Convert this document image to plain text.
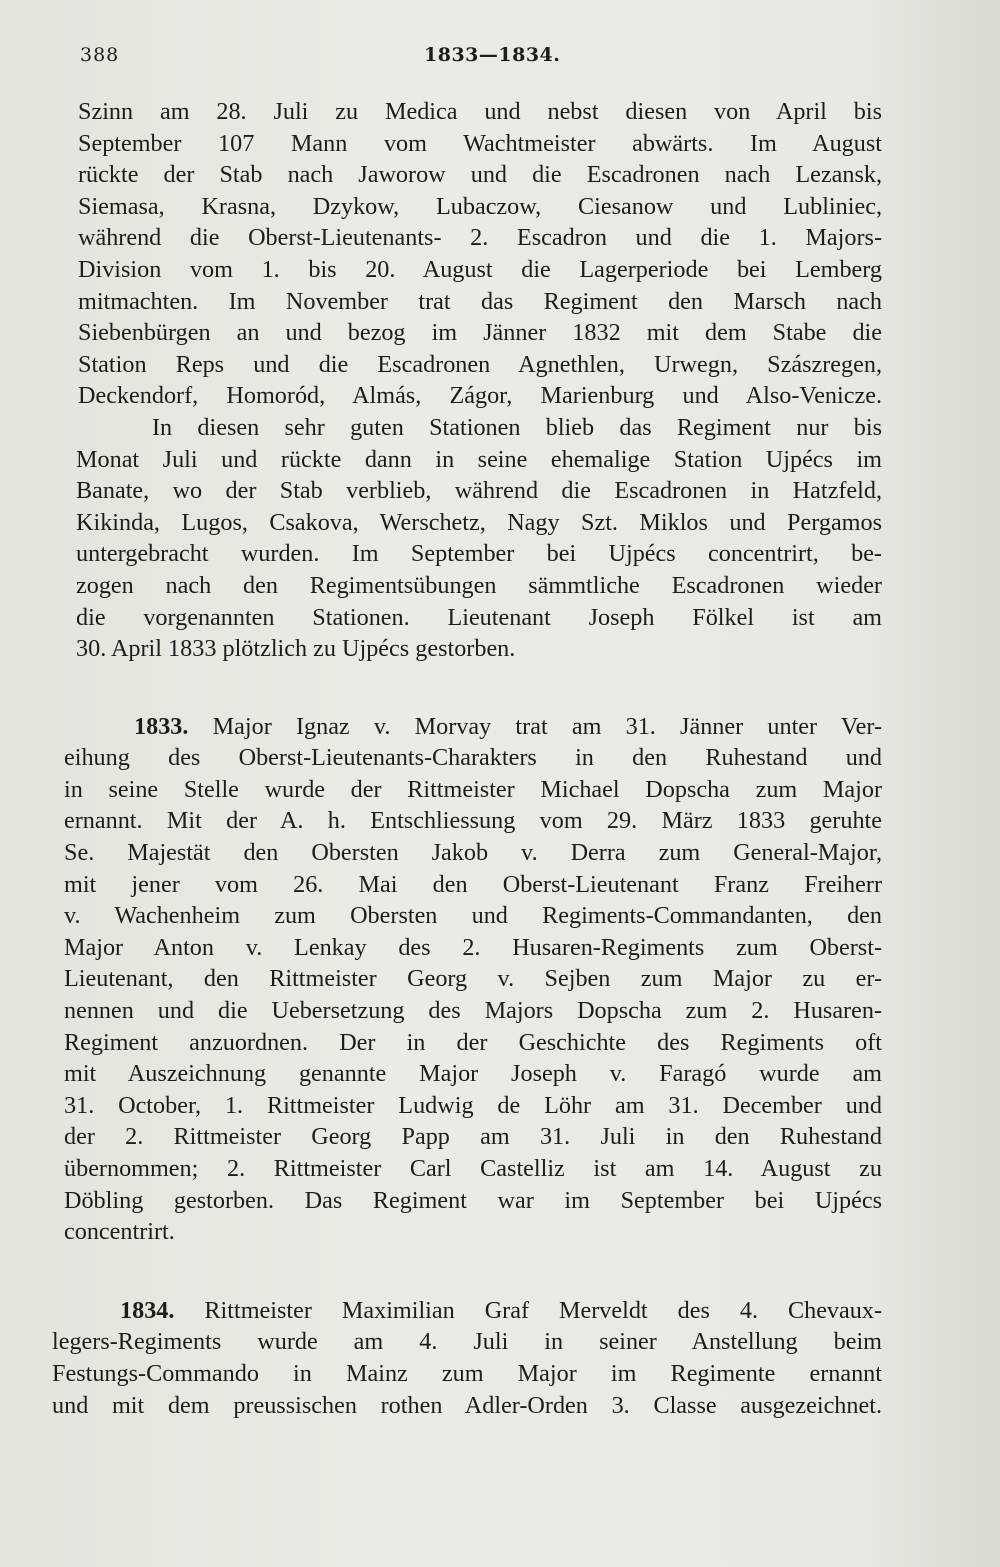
388	1833—1834.

Szinn am 28. Juli zu Medica und nebst diesen von April bis
September 107 Mann vom Wachtmeister abwärts. Im August
rückte der Stab nach Jaworow und die Escadronen nach Lezansk,
Siemasa, Krasna, Dzykow, Lubaczow, Ciesanow und Lubliniec,
während die Oberst-Lieutenants- 2. Escadron und die 1. Majors-
Division vom 1. bis 20. August die Lagerperiode bei Lemberg
mitmachten. Im November trat das Regiment den Marsch nach
Siebenbürgen an und bezog im Jänner 1832 mit dem Stabe die
Station Reps und die Escadronen Agnethlen, Urwegn, Szászregen,
Deckendorf, Homoród, Almás, Zágor, Marienburg und Also-Venicze.

In diesen sehr guten Stationen blieb das Regiment nur bis
Monat Juli und rückte dann in seine ehemalige Station Ujpécs im
Banate, wo der Stab verblieb, während die Escadronen in Hatzfeld,
Kikinda, Lugos, Csakova, Werschetz, Nagy Szt. Miklos und Pergamos
untergebracht wurden. Im September bei Ujpécs concentrirt, be-
zogen nach den Regimentsübungen sämmtliche Escadronen wieder
die vorgenannten Stationen. Lieutenant Joseph Fölkel ist am
30. April 1833 plötzlich zu Ujpécs gestorben.

1833. Major Ignaz v. Morvay trat am 31. Jänner unter Ver-
eihung des Oberst-Lieutenants-Charakters in den Ruhestand und
in seine Stelle wurde der Rittmeister Michael Dopscha zum Major
ernannt. Mit der A. h. Entschliessung vom 29. März 1833 geruhte
Se. Majestät den Obersten Jakob v. Derra zum General-Major,
mit jener vom 26. Mai den Oberst-Lieutenant Franz Freiherr
v. Wachenheim zum Obersten und Regiments-Commandanten, den
Major Anton v. Lenkay des 2. Husaren-Regiments zum Oberst-
Lieutenant, den Rittmeister Georg v. Sejben zum Major zu er-
nennen und die Uebersetzung des Majors Dopscha zum 2. Husaren-
Regiment anzuordnen. Der in der Geschichte des Regiments oft
mit Auszeichnung genannte Major Joseph v. Faragó wurde am
31. October, 1. Rittmeister Ludwig de Löhr am 31. December und
der 2. Rittmeister Georg Papp am 31. Juli in den Ruhestand
übernommen; 2. Rittmeister Carl Castelliz ist am 14. August zu
Döbling gestorben. Das Regiment war im September bei Ujpécs
concentrirt.

1834. Rittmeister Maximilian Graf Merveldt des 4. Chevaux-
legers-Regiments wurde am 4. Juli in seiner Anstellung beim
Festungs-Commando in Mainz zum Major im Regimente ernannt
und mit dem preussischen rothen Adler-Orden 3. Classe ausgezeichnet.
